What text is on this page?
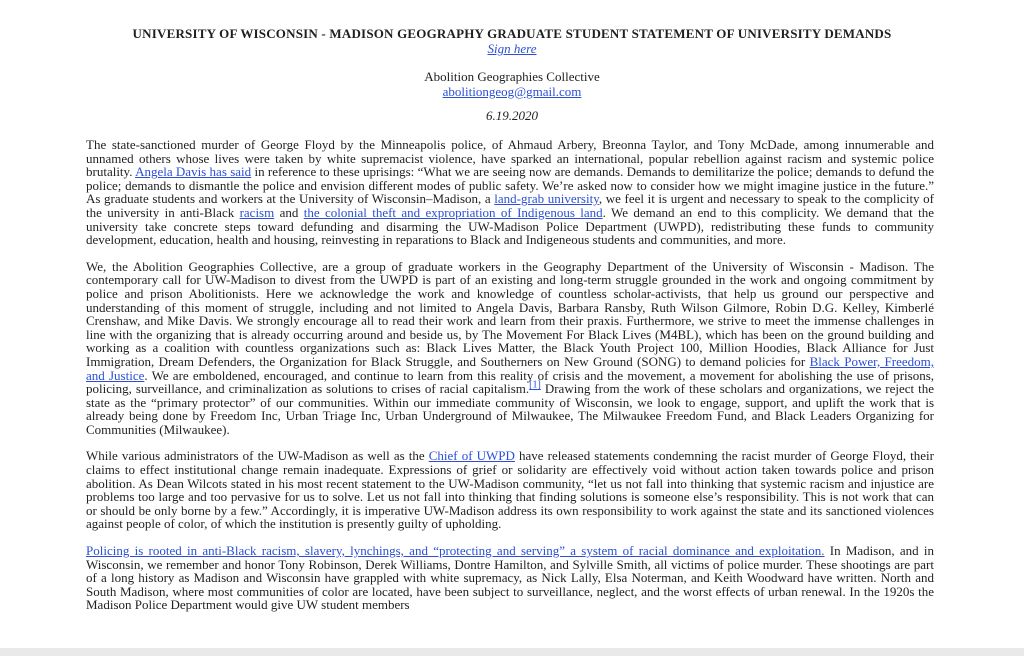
UNIVERSITY OF WISCONSIN - MADISON GEOGRAPHY GRADUATE STUDENT STATEMENT OF UNIVERSITY DEMANDS
Sign here
Abolition Geographies Collective
abolitiongeog@gmail.com
6.19.2020

The state-sanctioned murder of George Floyd by the Minneapolis police, of Ahmaud Arbery, Breonna Taylor, and Tony McDade, among innumerable and unnamed others whose lives were taken by white supremacist violence, have sparked an international, popular rebellion against racism and systemic police brutality. Angela Davis has said in reference to these uprisings: “What we are seeing now are demands. Demands to demilitarize the police; demands to defund the police; demands to dismantle the police and envision different modes of public safety. We’re asked now to consider how we might imagine justice in the future.” As graduate students and workers at the University of Wisconsin–Madison, a land-grab university, we feel it is urgent and necessary to speak to the complicity of the university in anti-Black racism and the colonial theft and expropriation of Indigenous land. We demand an end to this complicity. We demand that the university take concrete steps toward defunding and disarming the UW-Madison Police Department (UWPD), redistributing these funds to community development, education, health and housing, reinvesting in reparations to Black and Indigeneous students and communities, and more.

We, the Abolition Geographies Collective, are a group of graduate workers in the Geography Department of the University of Wisconsin - Madison. The contemporary call for UW-Madison to divest from the UWPD is part of an existing and long-term struggle grounded in the work and ongoing commitment by police and prison Abolitionists. Here we acknowledge the work and knowledge of countless scholar-activists, that help us ground our perspective and understanding of this moment of struggle, including and not limited to Angela Davis, Barbara Ransby, Ruth Wilson Gilmore, Robin D.G. Kelley, Kimberlé Crenshaw, and Mike Davis. We strongly encourage all to read their work and learn from their praxis. Furthermore, we strive to meet the immense challenges in line with the organizing that is already occurring around and beside us, by The Movement For Black Lives (M4BL), which has been on the ground building and working as a coalition with countless organizations such as: Black Lives Matter, the Black Youth Project 100, Million Hoodies, Black Alliance for Just Immigration, Dream Defenders, the Organization for Black Struggle, and Southerners on New Ground (SONG) to demand policies for Black Power, Freedom, and Justice. We are emboldened, encouraged, and continue to learn from this reality of crisis and the movement, a movement for abolishing the use of prisons, policing, surveillance, and criminalization as solutions to crises of racial capitalism.[1] Drawing from the work of these scholars and organizations, we reject the state as the “primary protector” of our communities. Within our immediate community of Wisconsin, we look to engage, support, and uplift the work that is already being done by Freedom Inc, Urban Triage Inc, Urban Underground of Milwaukee, The Milwaukee Freedom Fund, and Black Leaders Organizing for Communities (Milwaukee).

While various administrators of the UW-Madison as well as the Chief of UWPD have released statements condemning the racist murder of George Floyd, their claims to effect institutional change remain inadequate. Expressions of grief or solidarity are effectively void without action taken towards police and prison abolition. As Dean Wilcots stated in his most recent statement to the UW-Madison community, “let us not fall into thinking that systemic racism and injustice are problems too large and too pervasive for us to solve. Let us not fall into thinking that finding solutions is someone else’s responsibility. This is not work that can or should be only borne by a few.” Accordingly, it is imperative UW-Madison address its own responsibility to work against the state and its sanctioned violences against people of color, of which the institution is presently guilty of upholding.

Policing is rooted in anti-Black racism, slavery, lynchings, and “protecting and serving” a system of racial dominance and exploitation. In Madison, and in Wisconsin, we remember and honor Tony Robinson, Derek Williams, Dontre Hamilton, and Sylville Smith, all victims of police murder. These shootings are part of a long history as Madison and Wisconsin have grappled with white supremacy, as Nick Lally, Elsa Noterman, and Keith Woodward have written. North and South Madison, where most communities of color are located, have been subject to surveillance, neglect, and the worst effects of urban renewal. In the 1920s the Madison Police Department would give UW student members
